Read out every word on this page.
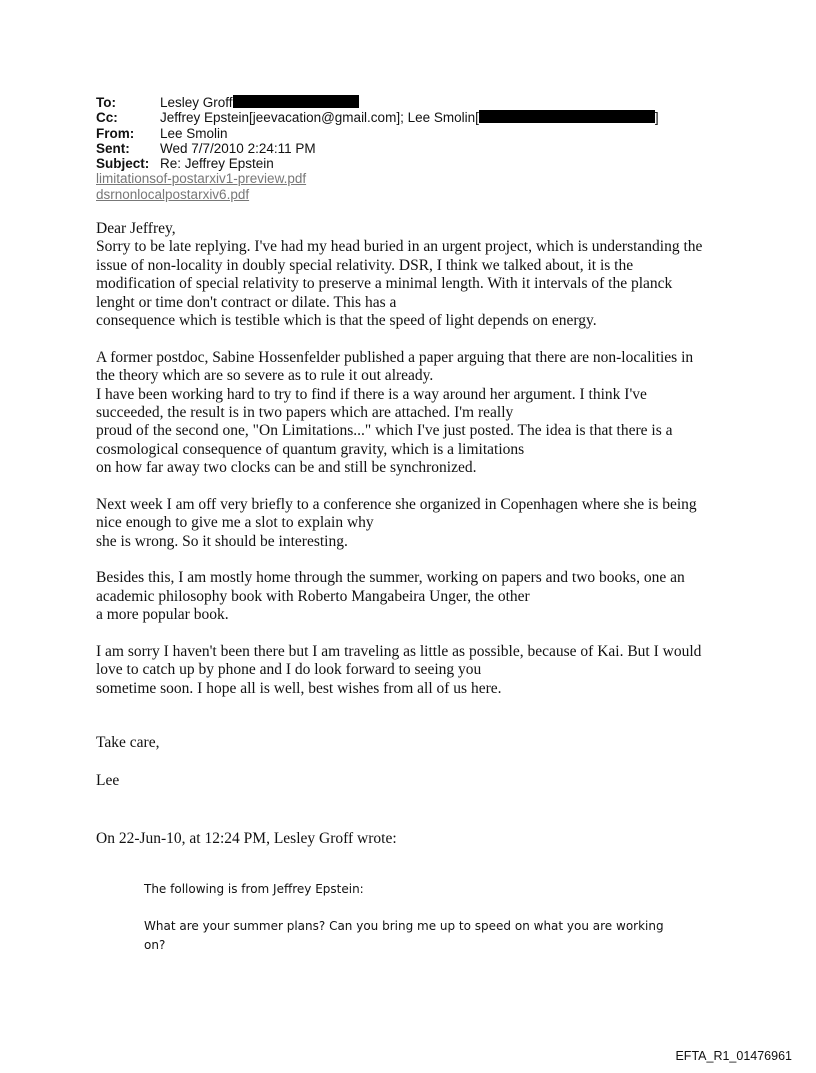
To:	Lesley Groff
Cc:	Jeffrey Epstein[jeevacation@gmail.com]; Lee Smolin[	]
From:	Lee Smolin
Sent:	Wed 7/7/2010 2:24:11 PM
Subject: Re: Jeffrey Epstein
limitationsof-postarxiv1-preview.pdf
dsrnonlocalpostarxiv6.pdf
Dear Jeffrey,
Sorry to be late replying. I've had my head buried in an urgent project, which is understanding the
issue of non-locality in doubly special relativity. DSR, I think we talked about, it is the
modification of special relativity to preserve a minimal length. With it intervals of the planck
lenght or time don't contract or dilate. This has a
consequence which is testible which is that the speed of light depends on energy.
A former postdoc, Sabine Hossenfelder published a paper arguing that there are non-localities in
the theory which are so severe as to rule it out already.
I have been working hard to try to find if there is a way around her argument. I think I've
succeeded, the result is in two papers which are attached. I'm really
proud of the second one, "On Limitations..." which I've just posted. The idea is that there is a
cosmological consequence of quantum gravity, which is a limitations
on how far away two clocks can be and still be synchronized.
Next week I am off very briefly to a conference she organized in Copenhagen where she is being
nice enough to give me a slot to explain why
she is wrong. So it should be interesting.
Besides this, I am mostly home through the summer, working on papers and two books, one an
academic philosophy book with Roberto Mangabeira Unger, the other
a more popular book.
I am sorry I haven't been there but I am traveling as little as possible, because of Kai. But I would
love to catch up by phone and I do look forward to seeing you
sometime soon. I hope all is well, best wishes from all of us here.
Take care,
Lee
On 22-Jun-10, at 12:24 PM, Lesley Groff wrote:
The following is from Jeffrey Epstein:
What are your summer plans? Can you bring me up to speed on what you are working
on?
EFTA_R1_01476961
